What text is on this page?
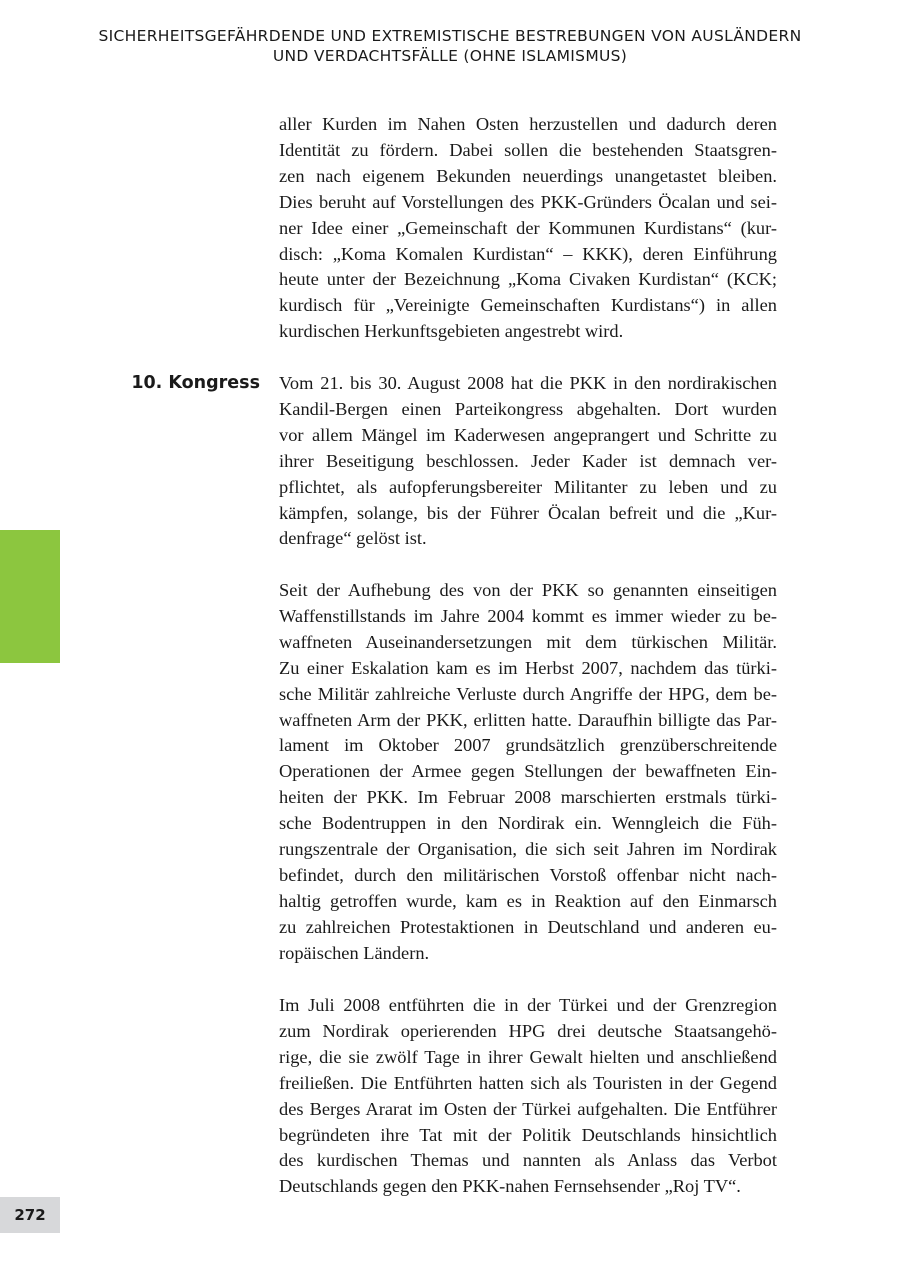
SICHERHEITSGEFÄHRDENDE UND EXTREMISTISCHE BESTREBUNGEN VON AUSLÄNDERN
UND VERDACHTSFÄLLE (OHNE ISLAMISMUS)
aller Kurden im Nahen Osten herzustellen und dadurch deren
Identität zu fördern. Dabei sollen die bestehenden Staatsgren-
zen nach eigenem Bekunden neuerdings unangetastet bleiben.
Dies beruht auf Vorstellungen des PKK-Gründers Öcalan und sei-
ner Idee einer „Gemeinschaft der Kommunen Kurdistans“ (kur-
disch: „Koma Komalen Kurdistan“ – KKK), deren Einführung
heute unter der Bezeichnung „Koma Civaken Kurdistan“ (KCK;
kurdisch für „Vereinigte Gemeinschaften Kurdistans“) in allen
kurdischen Herkunftsgebieten angestrebt wird.
10. Kongress Vom 21. bis 30. August 2008 hat die PKK in den nordirakischen
Kandil-Bergen einen Parteikongress abgehalten. Dort wurden
vor allem Mängel im Kaderwesen angeprangert und Schritte zu
ihrer Beseitigung beschlossen. Jeder Kader ist demnach ver-
pflichtet, als aufopferungsbereiter Militanter zu leben und zu
kämpfen, solange, bis der Führer Öcalan befreit und die „Kur-
denfrage“ gelöst ist.
Seit der Aufhebung des von der PKK so genannten einseitigen
Waffenstillstands im Jahre 2004 kommt es immer wieder zu be-
waffneten Auseinandersetzungen mit dem türkischen Militär.
Zu einer Eskalation kam es im Herbst 2007, nachdem das türki-
sche Militär zahlreiche Verluste durch Angriffe der HPG, dem be-
waffneten Arm der PKK, erlitten hatte. Daraufhin billigte das Par-
lament im Oktober 2007 grundsätzlich grenzüberschreitende
Operationen der Armee gegen Stellungen der bewaffneten Ein-
heiten der PKK. Im Februar 2008 marschierten erstmals türki-
sche Bodentruppen in den Nordirak ein. Wenngleich die Füh-
rungszentrale der Organisation, die sich seit Jahren im Nordirak
befindet, durch den militärischen Vorstoß offenbar nicht nach-
haltig getroffen wurde, kam es in Reaktion auf den Einmarsch
zu zahlreichen Protestaktionen in Deutschland und anderen eu-
ropäischen Ländern.
Im Juli 2008 entführten die in der Türkei und der Grenzregion
zum Nordirak operierenden HPG drei deutsche Staatsangehö-
rige, die sie zwölf Tage in ihrer Gewalt hielten und anschließend
freiließen. Die Entführten hatten sich als Touristen in der Gegend
des Berges Ararat im Osten der Türkei aufgehalten. Die Entführer
begründeten ihre Tat mit der Politik Deutschlands hinsichtlich
des kurdischen Themas und nannten als Anlass das Verbot
Deutschlands gegen den PKK-nahen Fernsehsender „Roj TV“.
272
